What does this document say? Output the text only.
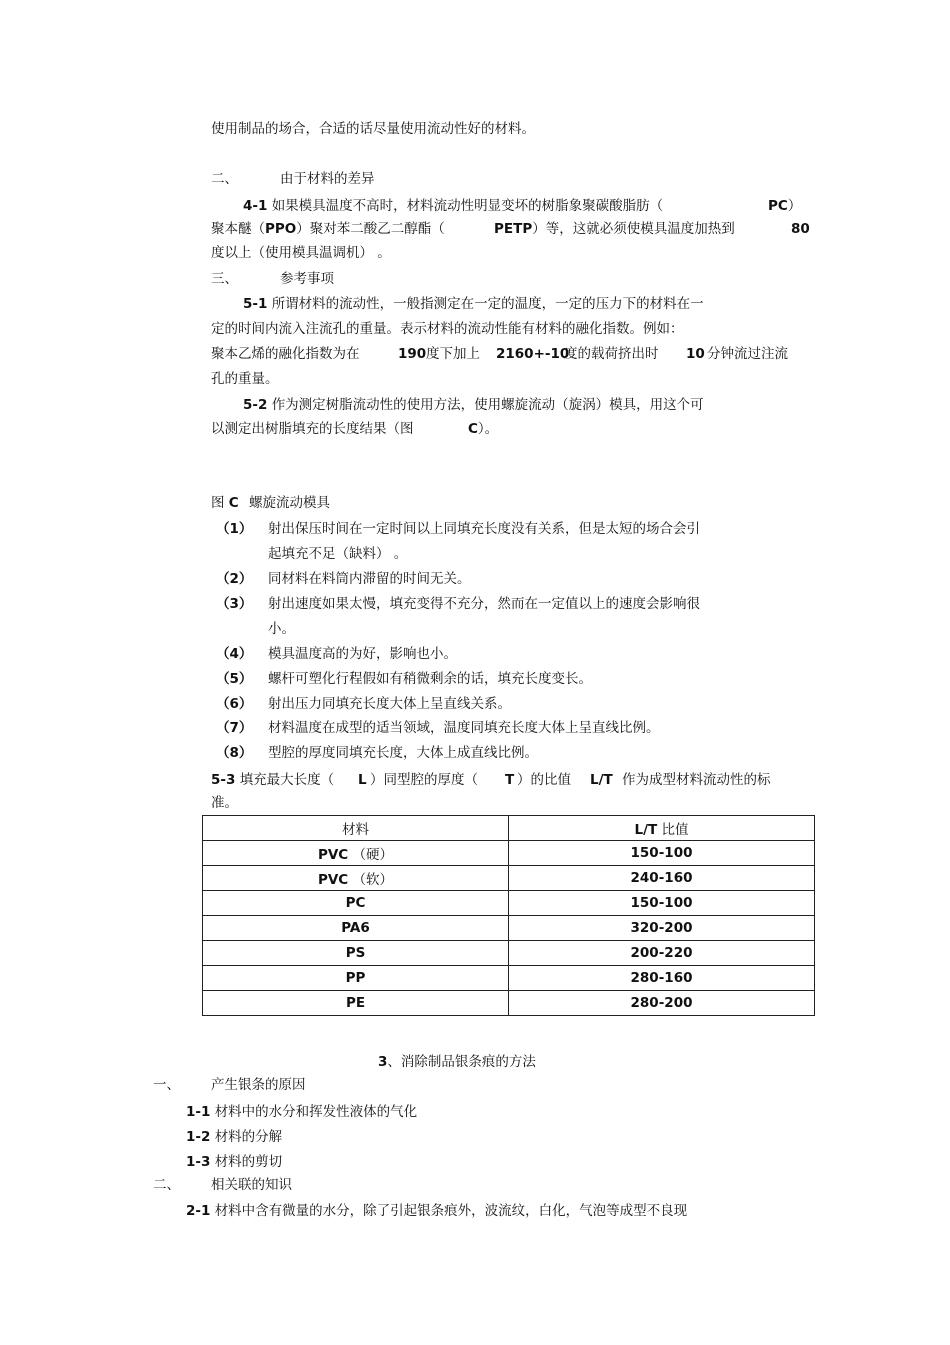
使用制品的场合，合适的话尽量使用流动性好的材料。
二、	由于材料的差异
4-1 如果模具温度不高时，材料流动性明显变坏的树脂象聚碳酸脂肪（	PC）
聚本醚（PPO）聚对苯二酸乙二醇酯（	PETP）等，这就必须使模具温度加热到	80
度以上（使用模具温调机） 。
三、	参考事项
5-1 所谓材料的流动性，一般指测定在一定的温度，一定的压力下的材料在一
定的时间内流入注流孔的重量。表示材料的流动性能有材料的融化指数。例如：
聚本乙烯的融化指数为在	190 度下加上 2160+-10
度的载荷挤出时 10 分钟流过注流
孔的重量。
5-2 作为测定树脂流动性的使用方法，使用螺旋流动（旋涡）模具，用这个可
以测定出树脂填充的长度结果（图	C）。
图 C 螺旋流动模具
（1） 射出保压时间在一定时间以上同填充长度没有关系，但是太短的场合会引
起填充不足（缺料） 。
（2） 同材料在料筒内滞留的时间无关。
（3） 射出速度如果太慢，填充变得不充分，然而在一定值以上的速度会影响很
小。
（4） 模具温度高的为好，影响也小。
（5） 螺杆可塑化行程假如有稍微剩余的话，填充长度变长。
（6） 射出压力同填充长度大体上呈直线关系。
（7） 材料温度在成型的适当领域，温度同填充长度大体上呈直线比例。
（8） 型腔的厚度同填充长度，大体上成直线比例。
5-3 填充最大长度（ L ）同型腔的厚度（ T ）的比值 L/T 作为成型材料流动性的标
准。
材料	L/T 比值
PVC （硬）	150-100
PVC （软）	240-160
PC	150-100
PA6	320-200
PS	200-220
PP	280-160
PE	280-200
3、消除制品银条痕的方法
一、 产生银条的原因
1-1 材料中的水分和挥发性液体的气化
1-2 材料的分解
1-3 材料的剪切
二、 相关联的知识
2-1 材料中含有微量的水分，除了引起银条痕外，波流纹，白化，气泡等成型不良现
